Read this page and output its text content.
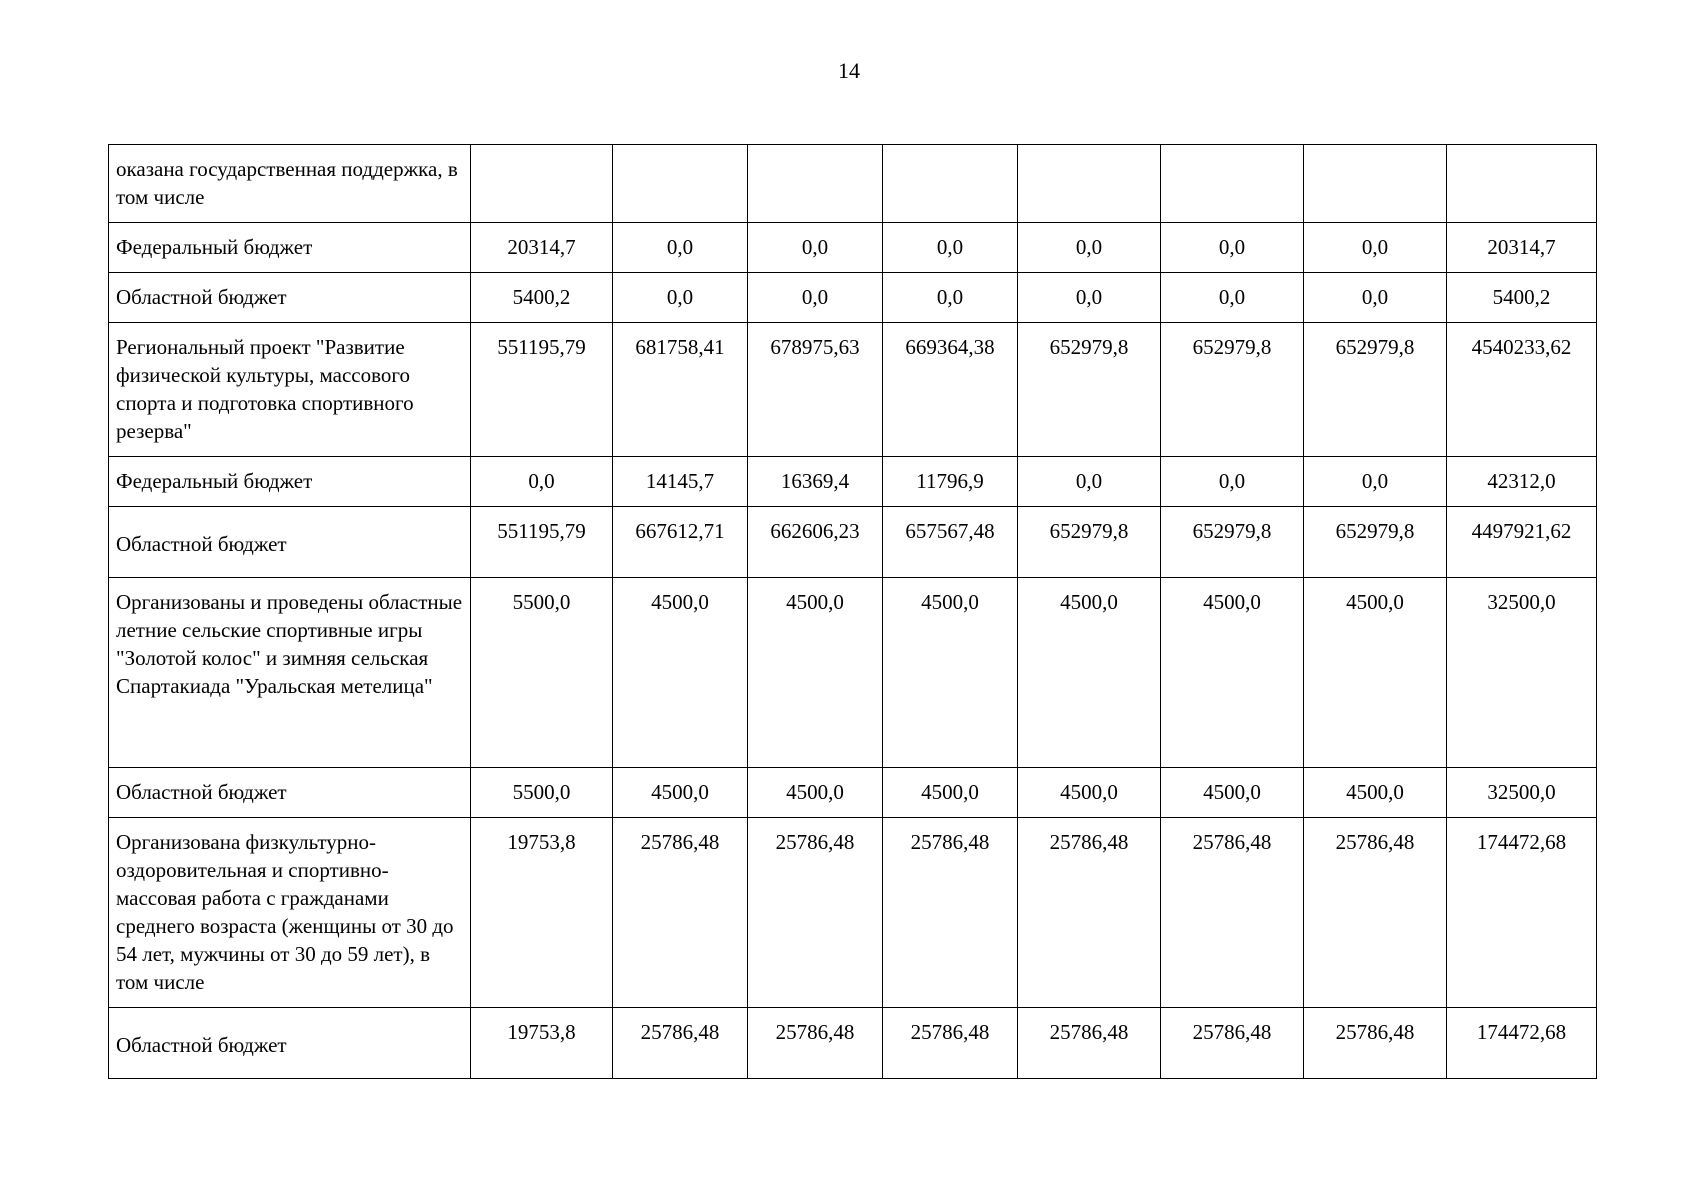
14
оказана государственная поддержка, в том числе								
Федеральный бюджет	20314,7	0,0	0,0	0,0	0,0	0,0	0,0	20314,7
Областной бюджет	5400,2	0,0	0,0	0,0	0,0	0,0	0,0	5400,2
Региональный проект "Развитие физической культуры, массового спорта и подготовка спортивного резерва"	551195,79	681758,41	678975,63	669364,38	652979,8	652979,8	652979,8	4540233,62
Федеральный бюджет	0,0	14145,7	16369,4	11796,9	0,0	0,0	0,0	42312,0
Областной бюджет	551195,79	667612,71	662606,23	657567,48	652979,8	652979,8	652979,8	4497921,62
Организованы и проведены областные летние сельские спортивные игры "Золотой колос" и зимняя сельская Спартакиада "Уральская метелица"	5500,0	4500,0	4500,0	4500,0	4500,0	4500,0	4500,0	32500,0
Областной бюджет	5500,0	4500,0	4500,0	4500,0	4500,0	4500,0	4500,0	32500,0
Организована физкультурно-оздоровительная и спортивно-массовая работа с гражданами среднего возраста (женщины от 30 до 54 лет, мужчины от 30 до 59 лет), в том числе	19753,8	25786,48	25786,48	25786,48	25786,48	25786,48	25786,48	174472,68
Областной бюджет	19753,8	25786,48	25786,48	25786,48	25786,48	25786,48	25786,48	174472,68
